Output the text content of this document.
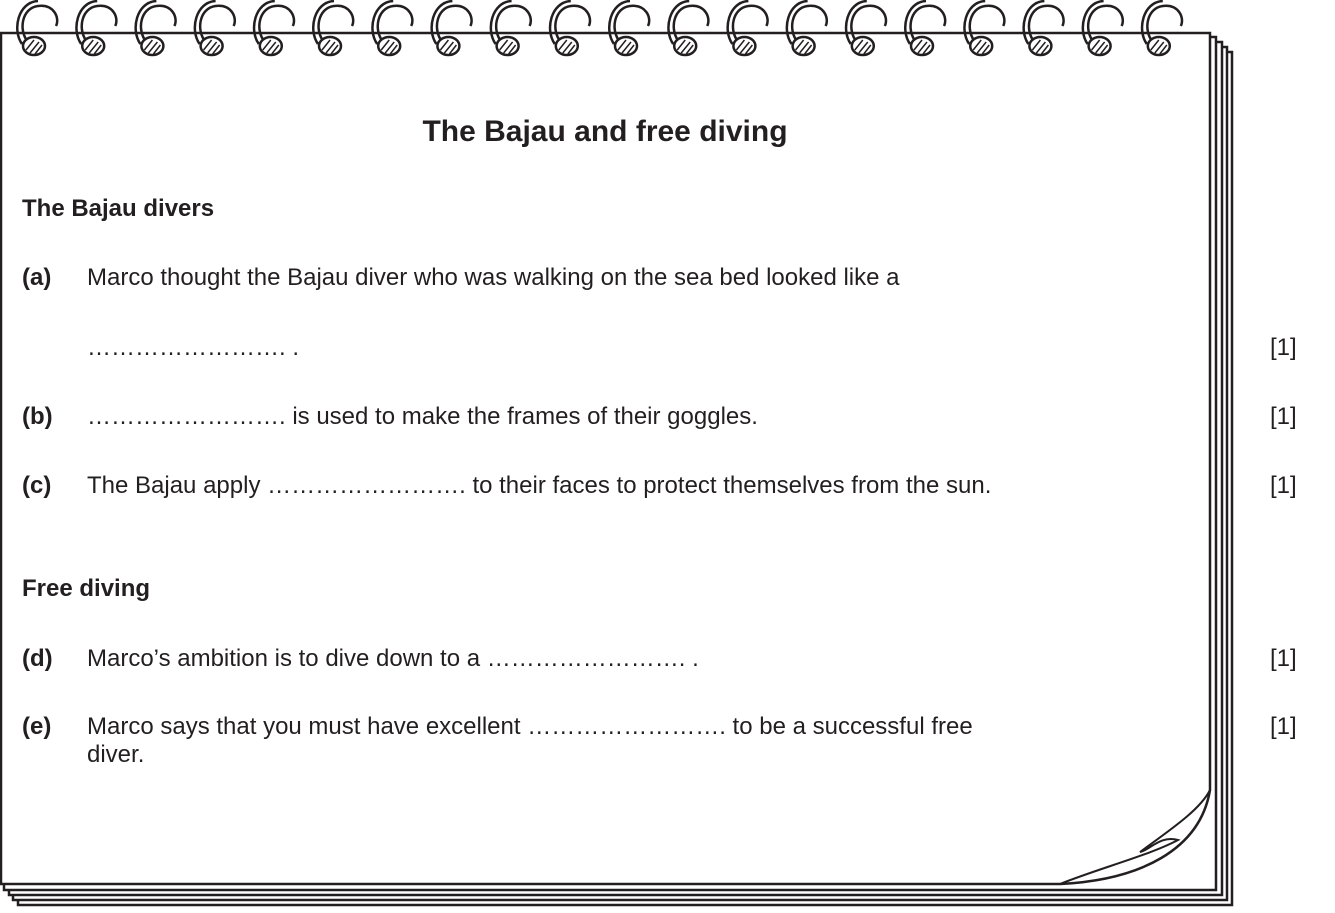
The Bajau and free diving
The Bajau divers
(a) Marco thought the Bajau diver who was walking on the sea bed looked like a
……………………. .	[1]
(b) ……………………. is used to make the frames of their goggles.	[1]
(c) The Bajau apply ……………………. to their faces to protect themselves from the sun.	[1]
Free diving
(d) Marco’s ambition is to dive down to a ……………………. .	[1]
(e) Marco says that you must have excellent ……………………. to be a successful free
diver.
[1]
